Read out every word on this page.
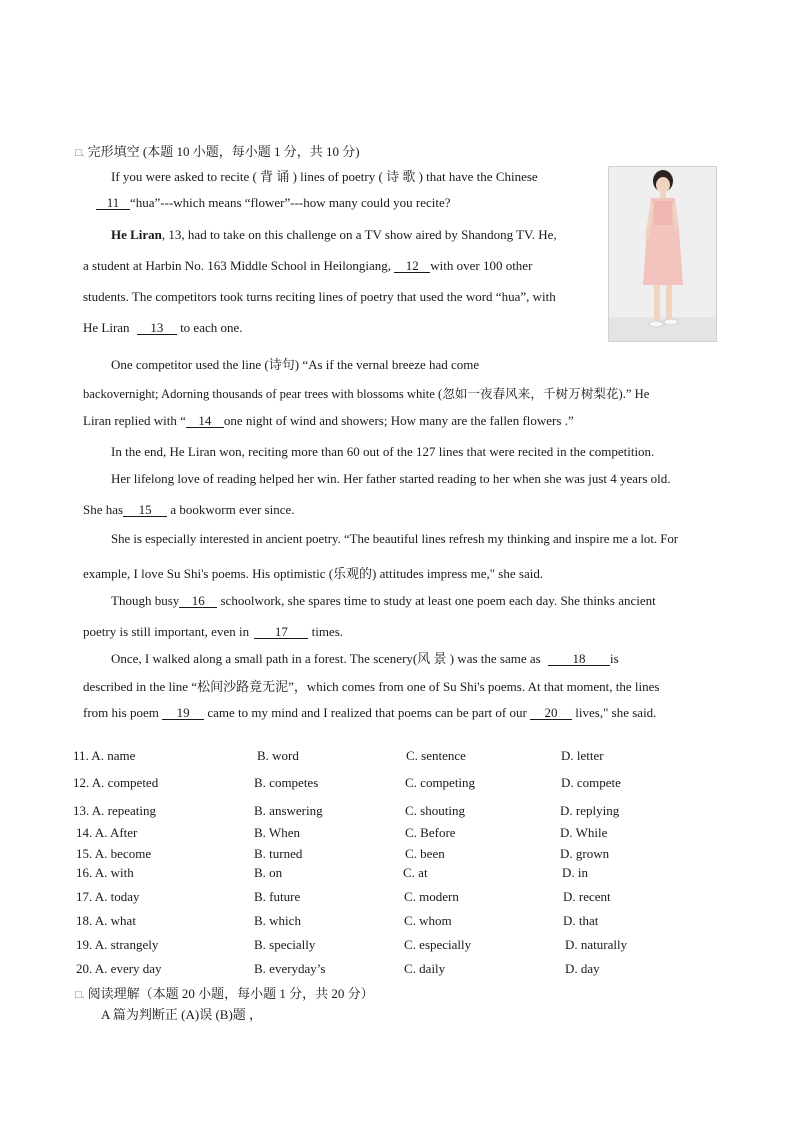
□. 完形填空 (本题 10 小题，每小题 1 分，共 10 分)
If you were asked to recite ( 背 诵 ) lines of poetry ( 诗 歌 ) that have the Chinese
11 “hua”---which means “flower”---how many could you recite?
He Liran, 13, had to take on this challenge on a TV show aired by Shandong TV. He,
a student at Harbin No. 163 Middle School in Heilongiang, 12 with over 100 other
students. The competitors took turns reciting lines of poetry that used the word “hua”, with
He Liran 13 to each one.
One competitor used the line (诗句) “As if the vernal breeze had come
backovernight; Adorning thousands of pear trees with blossoms white (忽如一夜春风来，千树万树梨花).” He
Liran replied with “ 14 one night of wind and showers; How many are the fallen flowers .”
In the end, He Liran won, reciting more than 60 out of the 127 lines that were recited in the competition.
Her lifelong love of reading helped her win. Her father started reading to her when she was just 4 years old.
She has 15 a bookworm ever since.
She is especially interested in ancient poetry. “The beautiful lines refresh my thinking and inspire me a lot. For
example, I love Su Shi's poems. His optimistic (乐观的) attitudes impress me," she said.
Though busy 16 schoolwork, she spares time to study at least one poem each day. She thinks ancient
poetry is still important, even in 17 times.
Once, I walked along a small path in a forest. The scenery(风 景 ) was the same as 18 is
described in the line “松间沙路竟无泥”，which comes from one of Su Shi's poems. At that moment, the lines
from his poem 19 came to my mind and I realized that poems can be part of our 20 lives," she said.
11. A. name	B. word	C. sentence	D. letter
12. A. competed	B. competes	C. competing	D. compete
13. A. repeating	B. answering	C. shouting	D. replying
14. A. After	B. When	C. Before	D. While
15. A. become	B. turned	C. been	D. grown
16. A. with	B. on	C. at	D. in
17. A. today	B. future	C. modern	D. recent
18. A. what	B. which	C. whom	D. that
19. A. strangely	B. specially	C. especially	D. naturally
20. A. every day	B. everyday’s	C. daily	D. day
□. 阅读理解（本题 20 小题，每小题 1 分，共 20 分）
A 篇为判断正 (A)误 (B)题 ，
